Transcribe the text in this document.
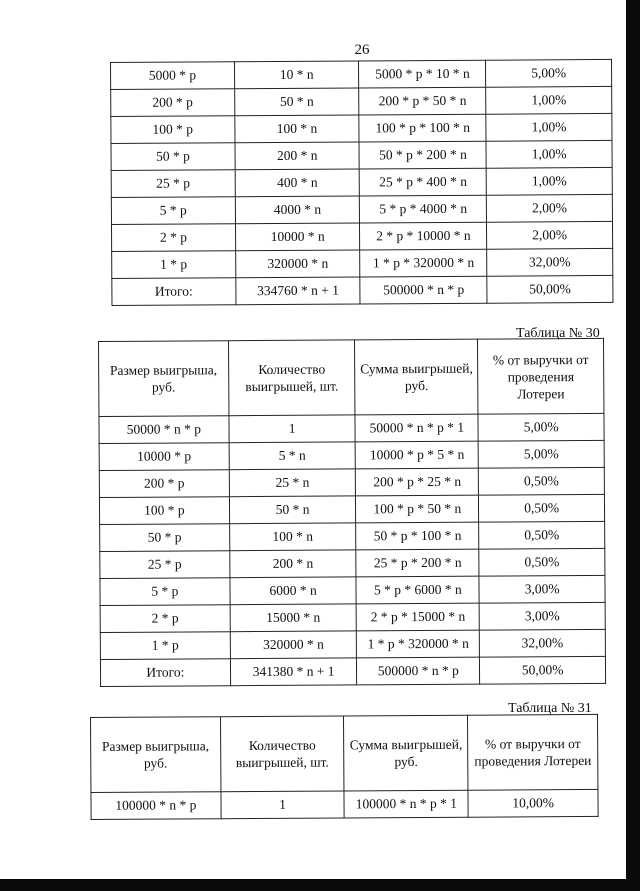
26
5000 * p	10 * n	5000 * p * 10 * n	5,00%
200 * p	50 * n	200 * p * 50 * n	1,00%
100 * p	100 * n	100 * p * 100 * n	1,00%
50 * p	200 * n	50 * p * 200 * n	1,00%
25 * p	400 * n	25 * p * 400 * n	1,00%
5 * p	4000 * n	5 * p * 4000 * n	2,00%
2 * p	10000 * n	2 * p * 10000 * n	2,00%
1 * p	320000 * n	1 * p * 320000 * n	32,00%
Итого:	334760 * n + 1	500000 * n * p	50,00%
Таблица № 30
Размер выигрыша, руб.	Количество выигрышей, шт.	Сумма выигрышей, руб.	% от выручки от проведения Лотереи
50000 * n * p	1	50000 * n * p * 1	5,00%
10000 * p	5 * n	10000 * p * 5 * n	5,00%
200 * p	25 * n	200 * p * 25 * n	0,50%
100 * p	50 * n	100 * p * 50 * n	0,50%
50 * p	100 * n	50 * p * 100 * n	0,50%
25 * p	200 * n	25 * p * 200 * n	0,50%
5 * p	6000 * n	5 * p * 6000 * n	3,00%
2 * p	15000 * n	2 * p * 15000 * n	3,00%
1 * p	320000 * n	1 * p * 320000 * n	32,00%
Итого:	341380 * n + 1	500000 * n * p	50,00%
Таблица № 31
Размер выигрыша, руб.	Количество выигрышей, шт.	Сумма выигрышей, руб.	% от выручки от проведения Лотереи
100000 * n * p	1	100000 * n * p * 1	10,00%
